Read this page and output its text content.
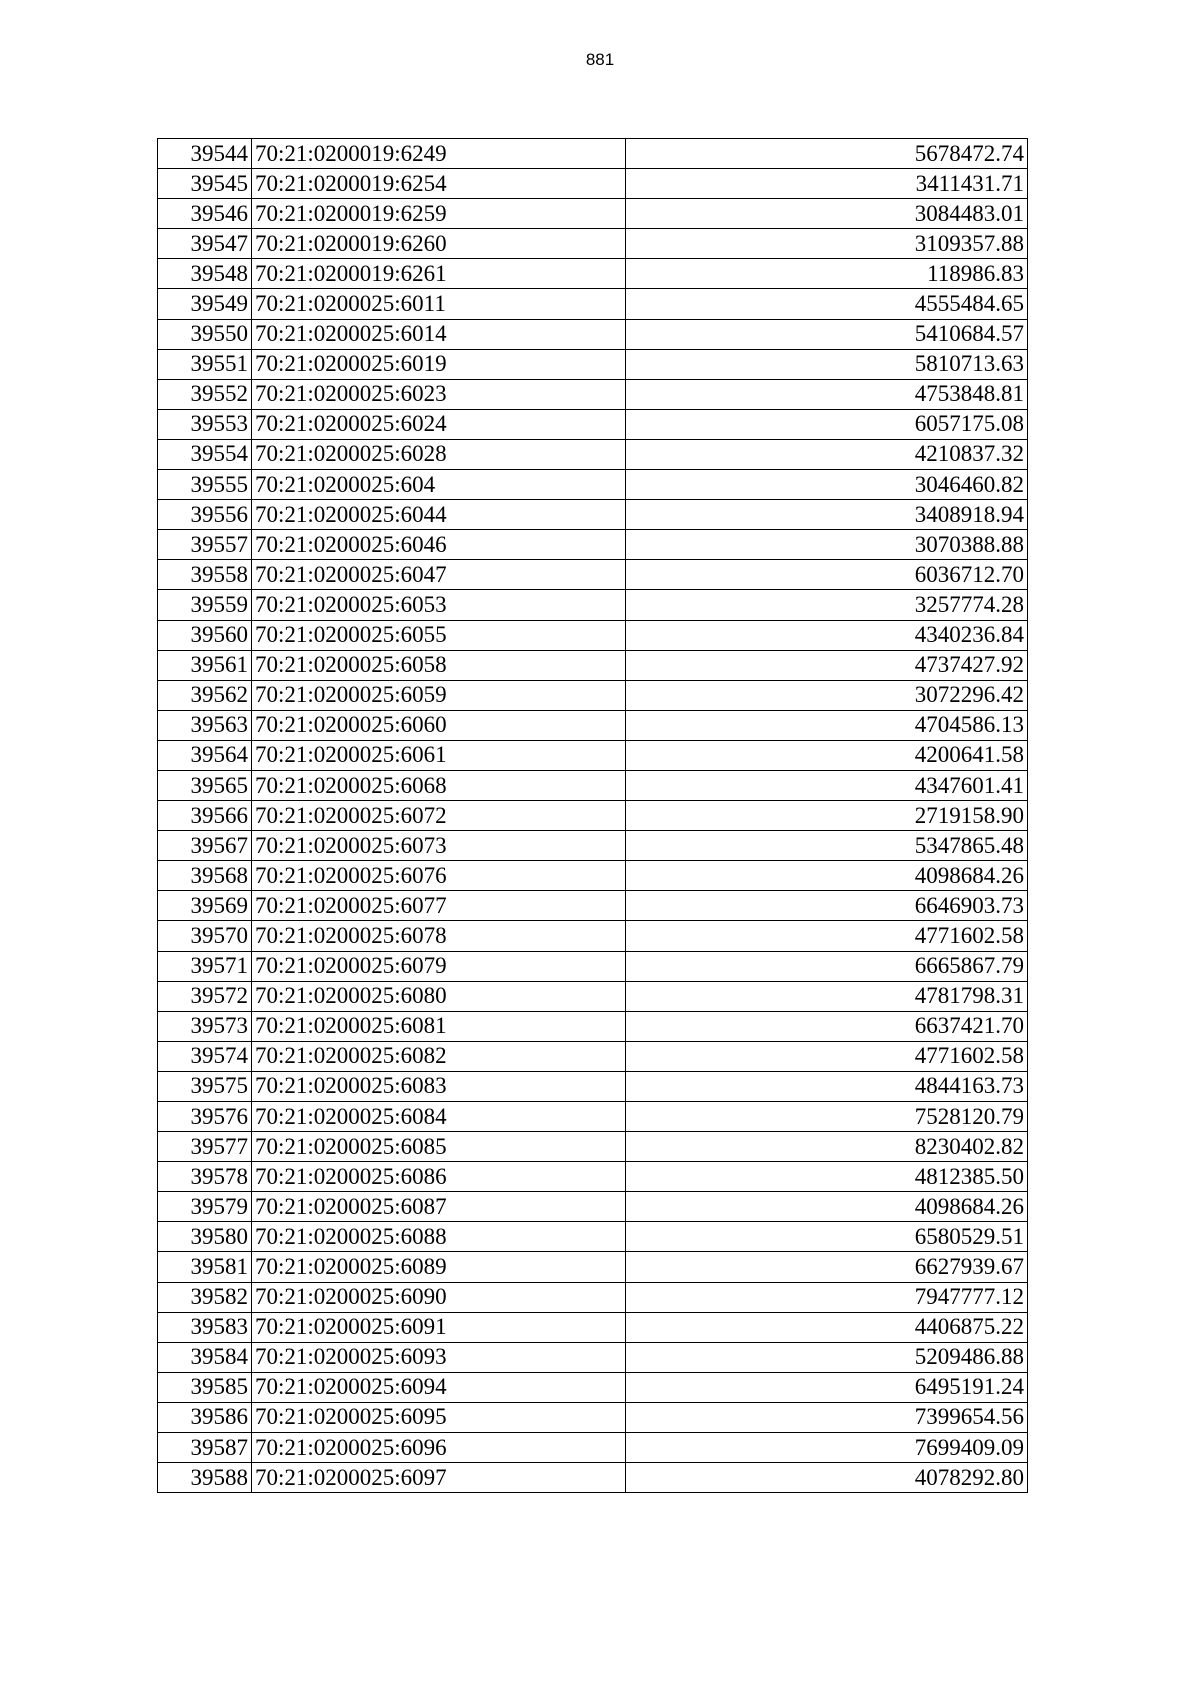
881
39544	70:21:0200019:6249	5678472.74
39545	70:21:0200019:6254	3411431.71
39546	70:21:0200019:6259	3084483.01
39547	70:21:0200019:6260	3109357.88
39548	70:21:0200019:6261	118986.83
39549	70:21:0200025:6011	4555484.65
39550	70:21:0200025:6014	5410684.57
39551	70:21:0200025:6019	5810713.63
39552	70:21:0200025:6023	4753848.81
39553	70:21:0200025:6024	6057175.08
39554	70:21:0200025:6028	4210837.32
39555	70:21:0200025:604	3046460.82
39556	70:21:0200025:6044	3408918.94
39557	70:21:0200025:6046	3070388.88
39558	70:21:0200025:6047	6036712.70
39559	70:21:0200025:6053	3257774.28
39560	70:21:0200025:6055	4340236.84
39561	70:21:0200025:6058	4737427.92
39562	70:21:0200025:6059	3072296.42
39563	70:21:0200025:6060	4704586.13
39564	70:21:0200025:6061	4200641.58
39565	70:21:0200025:6068	4347601.41
39566	70:21:0200025:6072	2719158.90
39567	70:21:0200025:6073	5347865.48
39568	70:21:0200025:6076	4098684.26
39569	70:21:0200025:6077	6646903.73
39570	70:21:0200025:6078	4771602.58
39571	70:21:0200025:6079	6665867.79
39572	70:21:0200025:6080	4781798.31
39573	70:21:0200025:6081	6637421.70
39574	70:21:0200025:6082	4771602.58
39575	70:21:0200025:6083	4844163.73
39576	70:21:0200025:6084	7528120.79
39577	70:21:0200025:6085	8230402.82
39578	70:21:0200025:6086	4812385.50
39579	70:21:0200025:6087	4098684.26
39580	70:21:0200025:6088	6580529.51
39581	70:21:0200025:6089	6627939.67
39582	70:21:0200025:6090	7947777.12
39583	70:21:0200025:6091	4406875.22
39584	70:21:0200025:6093	5209486.88
39585	70:21:0200025:6094	6495191.24
39586	70:21:0200025:6095	7399654.56
39587	70:21:0200025:6096	7699409.09
39588	70:21:0200025:6097	4078292.80
